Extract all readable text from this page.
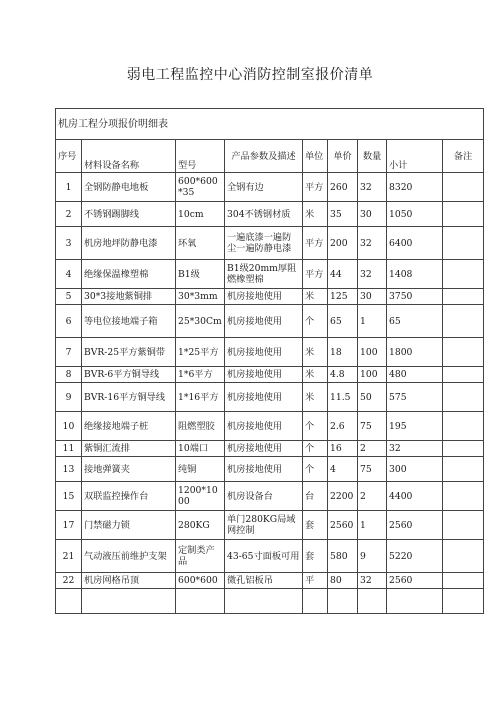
弱电工程监控中心消防控制室报价清单
机房工程分项报价明细表								
序号	材料设备名称	型号	产品参数及描述	单位	单价	数量	小计	备注
1	全钢防静电地板	600*600*35	全钢有边	平方	260	32	8320	
2	不锈钢踢脚线	10cm	304不锈钢材质	米	35	30	1050	
3	机房地坪防静电漆	环氧	一遍底漆一遍防尘一遍防静电漆	平方	200	32	6400	
4	绝缘保温橡塑棉	B1级	B1级20mm厚阻燃橡塑棉	平方	44	32	1408	
5	30*3接地紫铜排	30*3mm	机房接地使用	米	125	30	3750	
6	等电位接地端子箱	25*30Cm	机房接地使用	个	65	1	65	
7	BVR-25平方紫铜带	1*25平方	机房接地使用	米	18	100	1800	
8	BVR-6平方铜导线	1*6平方	机房接地使用	米	4.8	100	480	
9	BVR-16平方铜导线	1*16平方	机房接地使用	米	11.5	50	575	
10	绝缘接地端子桩	阻燃塑胶	机房接地使用	个	2.6	75	195	
11	紫铜汇流排	10端口	机房接地使用	个	16	2	32	
13	接地弹簧夹	纯铜	机房接地使用	个	4	75	300	
15	双联监控操作台	1200*1000	机房设备台	台	2200	2	4400	
17	门禁磁力锁	280KG	单门280KG局域网控制	套	2560	1	2560	
21	气动液压前维护支架	定制类产品	43-65寸面板可用	套	580	9	5220	
22	机房网格吊顶	600*600	微孔铝板吊	平	80	32	2560	
